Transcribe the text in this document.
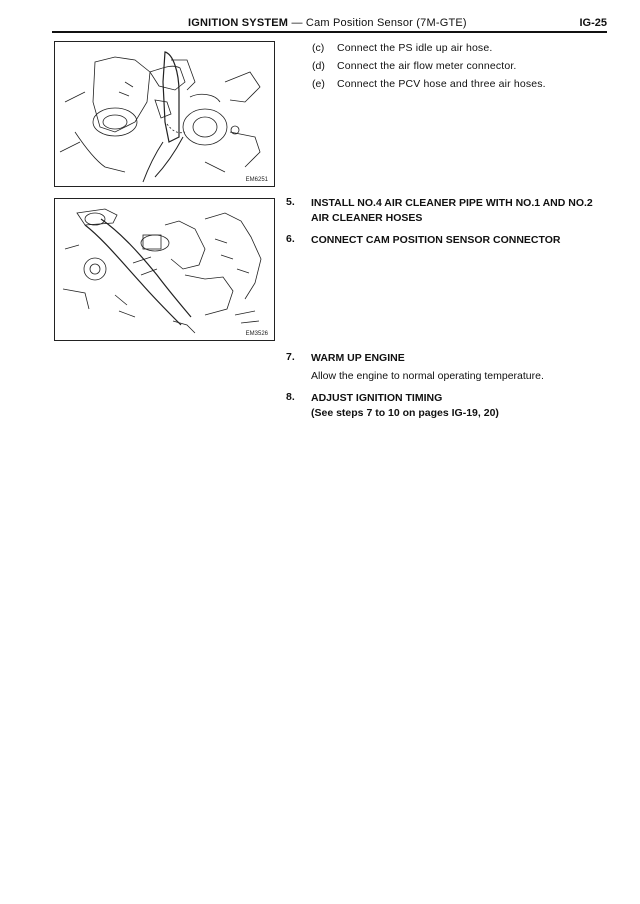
IGNITION SYSTEM — Cam Position Sensor (7M-GTE)	IG-25
EM6251
EM3526
(c) Connect the PS idle up air hose.
(d) Connect the air flow meter connector.
(e) Connect the PCV hose and three air hoses.
5. INSTALL NO.4 AIR CLEANER PIPE WITH NO.1 AND NO.2 AIR CLEANER HOSES
6. CONNECT CAM POSITION SENSOR CONNECTOR
7. WARM UP ENGINE
Allow the engine to normal operating temperature.
8. ADJUST IGNITION TIMING
(See steps 7 to 10 on pages IG-19, 20)
